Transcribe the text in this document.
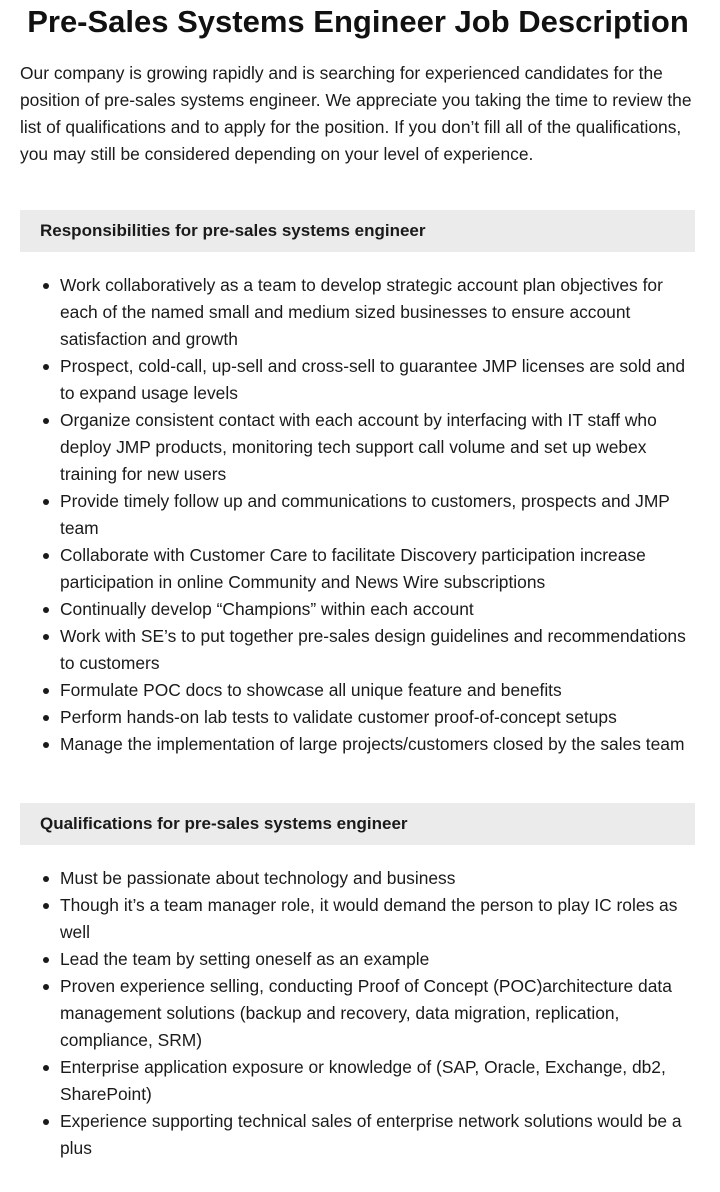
Pre-Sales Systems Engineer Job Description

Our company is growing rapidly and is searching for experienced candidates for the position of pre-sales systems engineer. We appreciate you taking the time to review the list of qualifications and to apply for the position. If you don’t fill all of the qualifications, you may still be considered depending on your level of experience.

Responsibilities for pre-sales systems engineer
Work collaboratively as a team to develop strategic account plan objectives for each of the named small and medium sized businesses to ensure account satisfaction and growth
Prospect, cold-call, up-sell and cross-sell to guarantee JMP licenses are sold and to expand usage levels
Organize consistent contact with each account by interfacing with IT staff who deploy JMP products, monitoring tech support call volume and set up webex training for new users
Provide timely follow up and communications to customers, prospects and JMP team
Collaborate with Customer Care to facilitate Discovery participation increase participation in online Community and News Wire subscriptions
Continually develop “Champions” within each account
Work with SE’s to put together pre-sales design guidelines and recommendations to customers
Formulate POC docs to showcase all unique feature and benefits
Perform hands-on lab tests to validate customer proof-of-concept setups
Manage the implementation of large projects/customers closed by the sales team
Qualifications for pre-sales systems engineer
Must be passionate about technology and business
Though it’s a team manager role, it would demand the person to play IC roles as well
Lead the team by setting oneself as an example
Proven experience selling, conducting Proof of Concept (POC)architecture data management solutions (backup and recovery, data migration, replication, compliance, SRM)
Enterprise application exposure or knowledge of (SAP, Oracle, Exchange, db2, SharePoint)
Experience supporting technical sales of enterprise network solutions would be a plus
